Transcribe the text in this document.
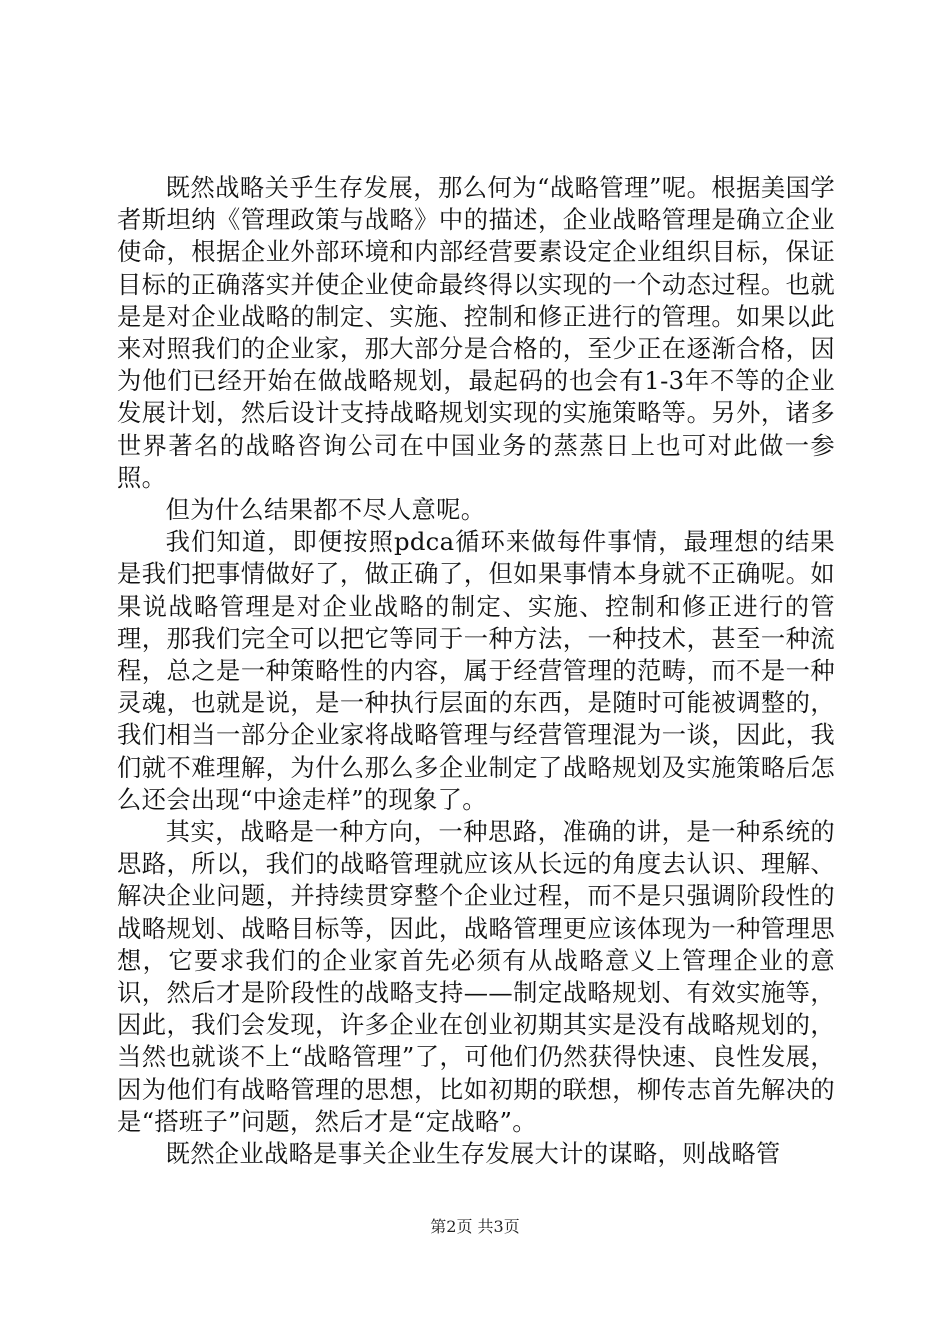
既然战略关乎生存发展，那么何为“战略管理”呢。根据美国学者斯坦纳《管理政策与战略》中的描述，企业战略管理是确立企业使命，根据企业外部环境和内部经营要素设定企业组织目标，保证目标的正确落实并使企业使命最终得以实现的一个动态过程。也就是是对企业战略的制定、实施、控制和修正进行的管理。如果以此来对照我们的企业家，那大部分是合格的，至少正在逐渐合格，因为他们已经开始在做战略规划，最起码的也会有1-3年不等的企业发展计划，然后设计支持战略规划实现的实施策略等。另外，诸多世界著名的战略咨询公司在中国业务的蒸蒸日上也可对此做一参照。

但为什么结果都不尽人意呢。

我们知道，即便按照pdca循环来做每件事情，最理想的结果是我们把事情做好了，做正确了，但如果事情本身就不正确呢。如果说战略管理是对企业战略的制定、实施、控制和修正进行的管理，那我们完全可以把它等同于一种方法，一种技术，甚至一种流程，总之是一种策略性的内容，属于经营管理的范畴，而不是一种灵魂，也就是说，是一种执行层面的东西，是随时可能被调整的，我们相当一部分企业家将战略管理与经营管理混为一谈，因此，我们就不难理解，为什么那么多企业制定了战略规划及实施策略后怎么还会出现“中途走样”的现象了。

其实，战略是一种方向，一种思路，准确的讲，是一种系统的思路，所以，我们的战略管理就应该从长远的角度去认识、理解、解决企业问题，并持续贯穿整个企业过程，而不是只强调阶段性的战略规划、战略目标等，因此，战略管理更应该体现为一种管理思想，它要求我们的企业家首先必须有从战略意义上管理企业的意识，然后才是阶段性的战略支持——制定战略规划、有效实施等，因此，我们会发现，许多企业在创业初期其实是没有战略规划的，当然也就谈不上“战略管理”了，可他们仍然获得快速、良性发展，因为他们有战略管理的思想，比如初期的联想，柳传志首先解决的是“搭班子”问题，然后才是“定战略”。

既然企业战略是事关企业生存发展大计的谋略，则战略管

第2页 共3页
